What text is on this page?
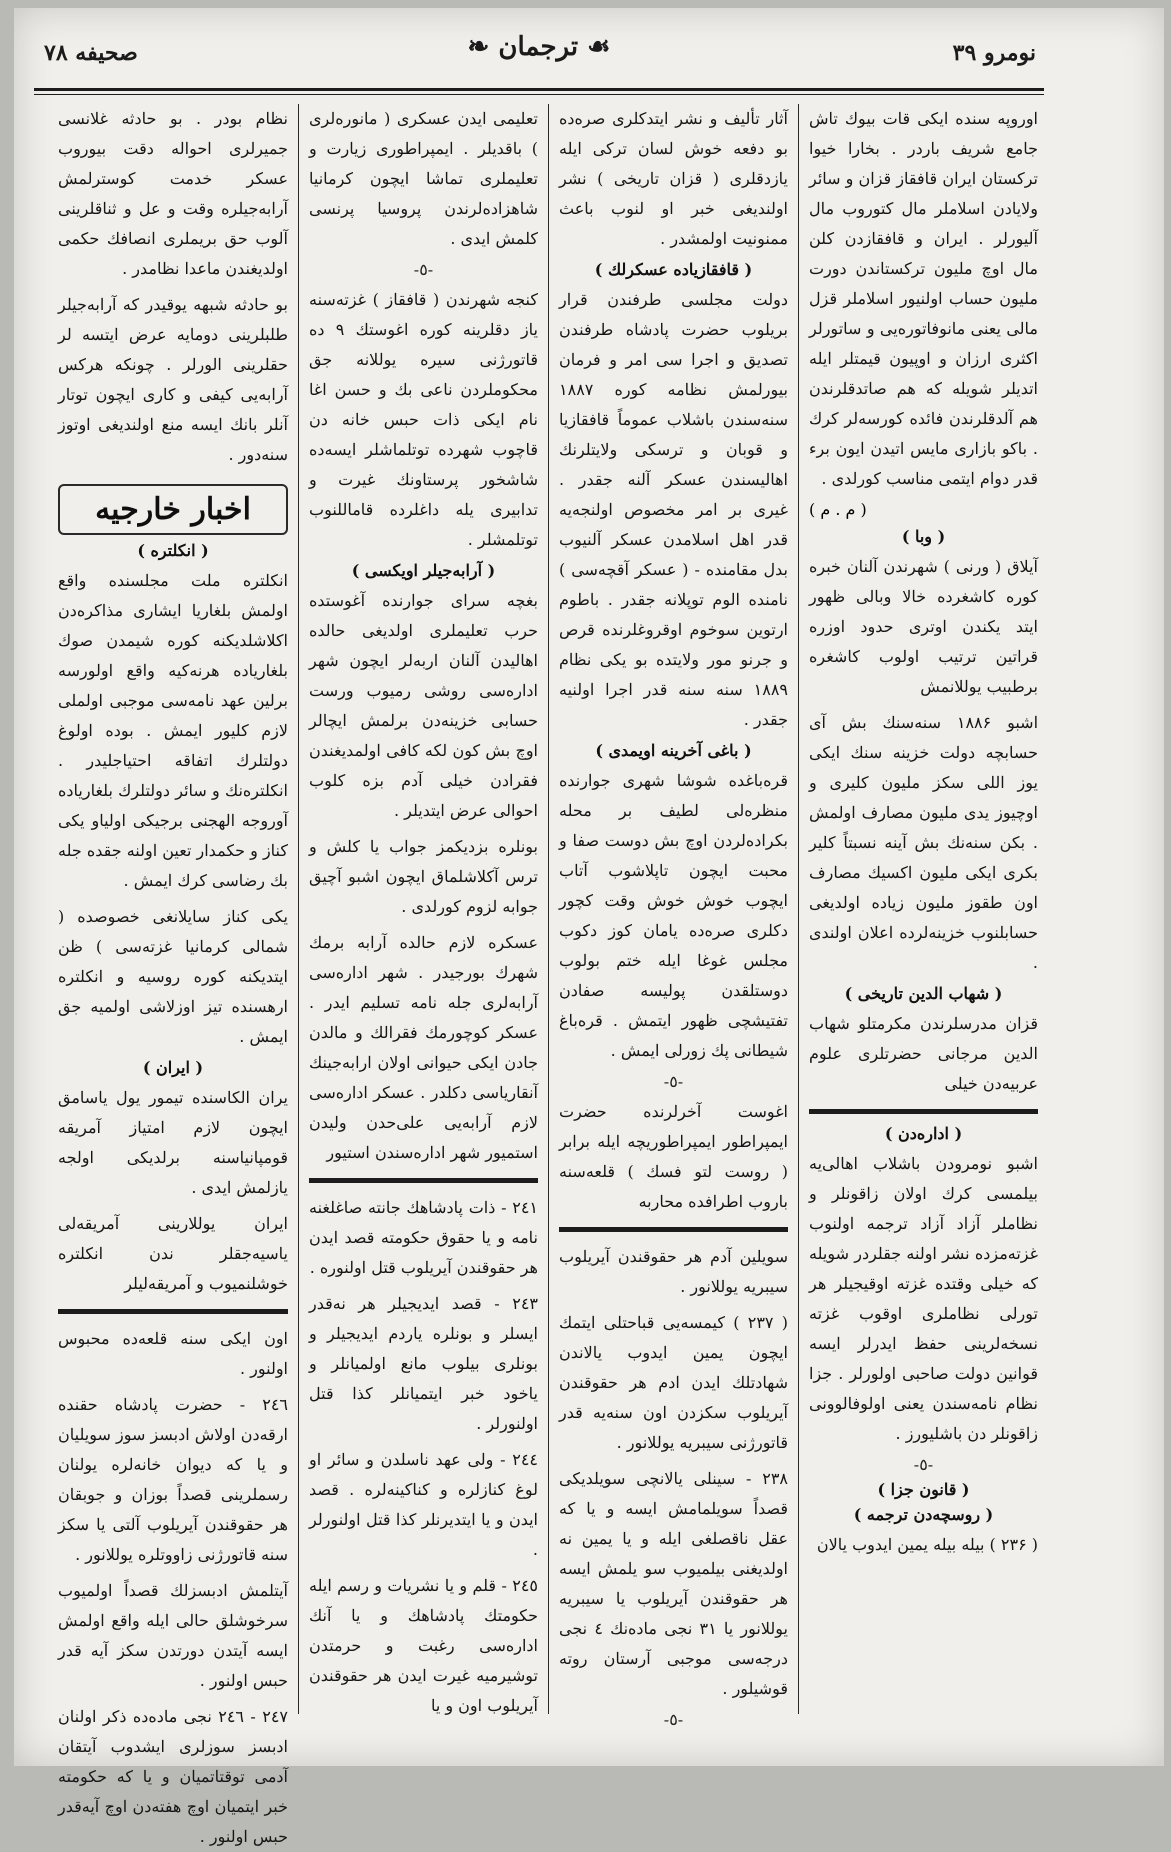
نومرو ۳۹
☙ ترجمان ❧
صحیفه ۷۸

اوروپه سنده ایکی قات بیوك تاش جامع شریف باردر . بخارا خیوا ترکستان ایران قافقاز قزان و سائر ولایادن اسلاملر مال کتوروب مال آلیورلر . ایران و قافقازدن کلن مال اوچ ملیون ترکستاندن دورت ملیون حساب اولنیور اسلاملر قزل مالی یعنی مانوفاتوره‌یی و ساتورلر اکثری ارزان و اوپیون قیمتلر ایله اتدیلر شویله که هم صاتدقلرندن هم آلدقلرندن فائده کورسه‌لر کرك . باکو بازاری مایس اتیدن ایون برء قدر دوام ایتمی مناسب کورلدی .

( م . م )
( وبا )

آیلاق ( ورنی ) شهرندن آلنان خبره کوره کاشغرده خالا وبالی ظهور ایتد یکندن اوتری حدود اوزره قراتین ترتیب اولوب کاشغره برطبیب یوللانمش

اشبو ۱۸۸۶ سنه‌سنك بش آی حسابچه دولت خزینه سنك ایکی یوز اللی سکز ملیون کلیری و اوچیوز یدی ملیون مصارف اولمش . بکن سنه‌نك بش آینه نسبتاً کلیر بکری ایکی ملیون اکسیك مصارف اون طقوز ملیون زیاده اولدیغی حسابلنوب خزینه‌لرده اعلان اولندی .

( شهاب الدین تاریخی )

قزان مدرسلرندن مکرمتلو شهاب الدین مرجانی حضرتلری علوم عربیه‌دن خیلی

( اداره‌دن )

اشبو نومرودن باشلاب اهالی‌یه بیلمسی کرك اولان زاقونلر و نظاملر آزاد آزاد ترجمه اولنوب غزته‌مزده نشر اولنه جقلردر شویله که خیلی وقتده غزته اوقیجیلر هر تورلی نظاملری اوقوب غزته نسخه‌لرینی حفظ ایدرلر ایسه قوانین دولت صاحبی اولورلر . جزا نظام نامه‌سندن یعنی اولوفالوونی زاقونلر دن باشلیورز .

-٥-
( قانون جزا )
( روسچه‌دن ترجمه )

( ۲۳۶ ) بیله بیله یمین ایدوب یالان

آثار تألیف و نشر ایتدکلری صره‌ده بو دفعه خوش لسان ترکی ایله یازدقلری ( قزان تاریخی ) نشر اولندیغی خبر او لنوب باعث ممنونیت اولمشدر .

( قافقازیاده عسکرلك )

دولت مجلسی طرفندن قرار بریلوب حضرت پادشاه طرفندن تصدیق و اجرا سی امر و فرمان بیورلمش نظامه کوره ۱۸۸۷ سنه‌سندن باشلاب عموماً قافقازیا و قوبان و ترسکی ولایتلرنك اهالیسندن عسکر آلنه جقدر . غیری بر امر مخصوص اولنجه‌یه قدر اهل اسلامدن عسکر آلنیوب بدل مقامنده - ( عسکر آقچه‌سی ) نامنده الوم توپلانه جقدر . باطوم ارتوین سوخوم اوقروغلرنده قرص و جرنو مور ولایتده بو یکی نظام ۱۸۸۹ سنه سنه قدر اجرا اولنیه جقدر .

( باغی آخرینه اویمدی )

قره‌باغده شوشا شهری جوارنده منظره‌لی لطیف بر محله بکراده‌لردن اوچ بش دوست صفا و محبت ایچون تاپلاشوب آتاب ایچوب خوش خوش وقت کچور دکلری صره‌ده یامان کوز دکوب مجلس غوغا ایله ختم بولوب دوستلقدن پولیسه صفادن تفتیشچی ظهور ایتمش . قره‌باغ شیطانی پك زورلی ایمش .

-٥-

اغوست آخرلرنده حضرت ایمپراطور ایمپراطوریچه ایله برابر ( روست لتو فسك ) قلعه‌سنه باروب اطرافده محاربه

سویلین آدم هر حقوقندن آیریلوب سیبریه یوللانور .

( ۲۳۷ ) کیمسه‌یی قباحتلی ایتمك ایچون یمین ایدوب یالاندن شهادتلك ایدن ادم هر حقوقندن آیریلوب سکزدن اون سنه‌یه قدر قاتورژنی سیبریه یوللانور .

۲۳۸ - سینلی یالانچی سویلدیکی قصداً سویلمامش ایسه و یا که عقل ناقصلغی ایله و یا یمین نه اولدیغنی بیلمیوب سو یلمش ایسه هر حقوقندن آیریلوب یا سیبریه یوللانور یا ۳۱ نجی ماده‌نك ٤ نجی درجه‌سی موجبی آرستان روته قوشیلور .

-٥-

تعلیمی ایدن عسکری ( مانوره‌لری ) باقدیلر . ایمپراطوری زیارت و تعلیملری تماشا ایچون کرمانیا شاهزاده‌لرندن پروسیا پرنسی کلمش ایدی .

-٥-

کنجه شهرندن ( قافقاز ) غزته‌سنه یاز دقلرینه کوره اغوستك ۹ ده قاتورژنی سیره یوللانه جق محکوملردن ناعی بك و حسن اغا نام ایکی ذات حبس خانه دن قاچوب شهرده توتلماشلر ایسه‌ده شاشخور پرستاونك غیرت و تدابیری یله داغلرده قاماللنوب توتلمشلر .

( آرابه‌جیلر اویکسی )

بغچه سرای جوارنده آغوستده حرب تعلیملری اولدیغی حالده اهالیدن آلنان اربه‌لر ایچون شهر اداره‌سی روشی رمیوب ورست حسابی خزینه‌دن برلمش ایچالر اوچ بش کون لکه کافی اولمدیغندن فقرادن خیلی آدم بزه کلوب احوالی عرض ایتدیلر .

بونلره بزدیکمز جواب یا کلش و ترس آکلاشلماق ایچون اشبو آچیق جوابه لزوم کورلدی .

عسکره لازم حالده آرابه برمك شهرك بورجیدر . شهر اداره‌سی آرابه‌لری جله نامه تسلیم ایدر . عسکر کوچورمك فقرالك و مالدن جادن ایکی حیوانی اولان ارابه‌جینك آنقاریاسی دکلدر . عسکر اداره‌سی لازم آرابه‌یی علی‌حدن ولیدن استمیور شهر اداره‌سندن استیور

۲٤۱ - ذات پادشاهك جانته صاغلغنه نامه و یا حقوق حکومته قصد ایدن هر حقوقندن آیریلوب قتل اولنوره .

۲٤۳ - قصد ایدیجیلر هر نه‌قدر ایسلر و بونلره یاردم ایدیجیلر و بونلری بیلوب مانع اولمیانلر و یاخود خبر ایتمیانلر کذا قتل اولنورلر .

۲٤٤ - ولی عهد ناسلدن و سائر او لوغ کنازلره و کناکینه‌لره . قصد ایدن و یا ایتدیرنلر کذا قتل اولنورلر .

۲٤٥ - قلم و یا نشریات و رسم ایله حکومتك پادشاهك و یا آنك اداره‌سی رغبت و حرمتدن توشیرمیه غیرت ایدن هر حقوقندن آیریلوب اون و یا

نظام بودر . بو حادثه غلانسی جمیرلری احواله دقت بیوروب عسکر خدمت کوسترلمش آرابه‌جیلره وقت و عل و ثناقلرینی آلوب حق بریملری انصافك حکمی اولدیغندن ماعدا نظامدر .

بو حادثه شبهه یوقیدر که آرابه‌جیلر طلبلرینی دومایه عرض ایتسه لر حقلرینی الورلر . چونکه هرکس آرابه‌یی کیفی و کاری ایچون توتار آنلر بانك ایسه منع اولندیغی اوتوز سنه‌دور .

اخبار خارجیه
( انکلتره )

انکلتره ملت مجلسنده واقع اولمش بلغاریا ایشاری مذاکره‌دن اکلاشلدیکنه کوره شیمدن صوك بلغاریاده هرنه‌کیه واقع اولورسه برلین عهد نامه‌سی موجبی اولملی لازم کلیور ایمش . بوده اولوغ دولتلرك اتفاقه احتیاجلیدر . انکلتره‌نك و سائر دولتلرك بلغاریاده آوروجه الهجنی برجیکی اولیاو یکی کناز و حکمدار تعین اولنه جقده جله بك رضاسی کرك ایمش .

یکی کناز سایلانغی خصوصده ( شمالی کرمانیا غزته‌سی ) ظن ایتدیکنه کوره روسیه و انکلتره ارهسنده تیز اوزلاشی اولمیه جق ایمش .

( ایران )

یران الکاسنده تیمور یول یاسامق ایچون لازم امتیاز آمریقه قومپانیاسنه برلدیکی اولجه یازلمش ایدی .

ایران یوللارینی آمریقه‌لی یاسیه‌جقلر ندن انکلتره خوشلنمیوب و آمریقه‌لیلر

اون ایکی سنه قلعه‌ده محبوس اولنور .

۲٤٦ - حضرت پادشاه حقنده ارقه‌دن اولاش ادبسز سوز سویلیان و یا که دیوان خانه‌لره یولنان رسملرینی قصداً بوزان و جوبقان هر حقوقندن آیریلوب آلتی یا سکز سنه قاتورژنی زاووتلره یوللانور .

آیتلمش ادبسزلك قصداً اولمیوب سرخوشلق حالی ایله واقع اولمش ایسه آیتدن دورتدن سکز آیه قدر حبس اولنور .

۲٤۷ - ۲٤٦ نجی ماده‌ده ذکر اولنان ادبسز سوزلری ایشدوب آیتقان آدمی توقتاتمیان و یا که حکومته خبر ایتمیان اوچ هفته‌دن اوچ آیه‌قدر حبس اولنور .
